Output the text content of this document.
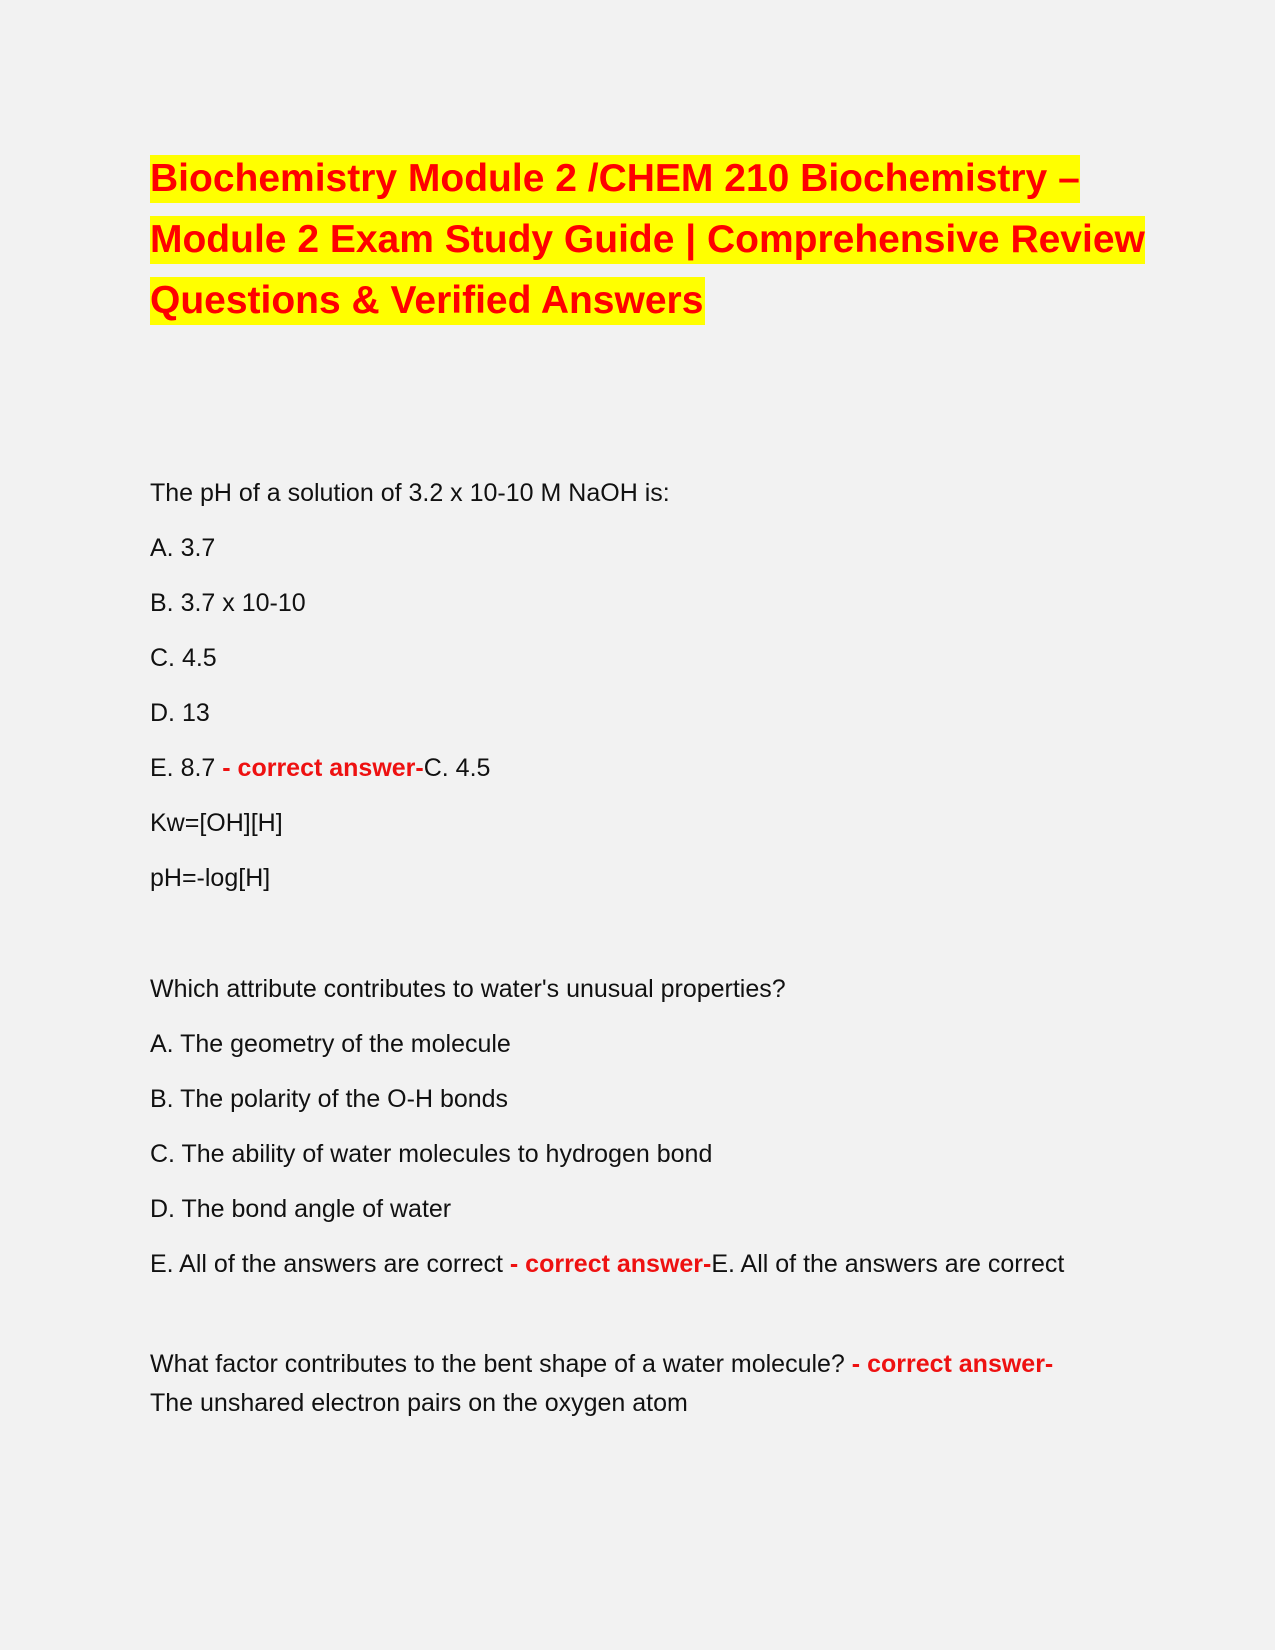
Biochemistry Module 2 /CHEM 210 Biochemistry – Module 2 Exam Study Guide | Comprehensive Review Questions & Verified Answers
The pH of a solution of 3.2 x 10-10 M NaOH is:
A. 3.7
B. 3.7 x 10-10
C. 4.5
D. 13
E. 8.7 - correct answer-C. 4.5
Kw=[OH][H]
pH=-log[H]
Which attribute contributes to water's unusual properties?
A. The geometry of the molecule
B. The polarity of the O-H bonds
C. The ability of water molecules to hydrogen bond
D. The bond angle of water
E. All of the answers are correct - correct answer-E. All of the answers are correct
What factor contributes to the bent shape of a water molecule? - correct answer-
The unshared electron pairs on the oxygen atom
